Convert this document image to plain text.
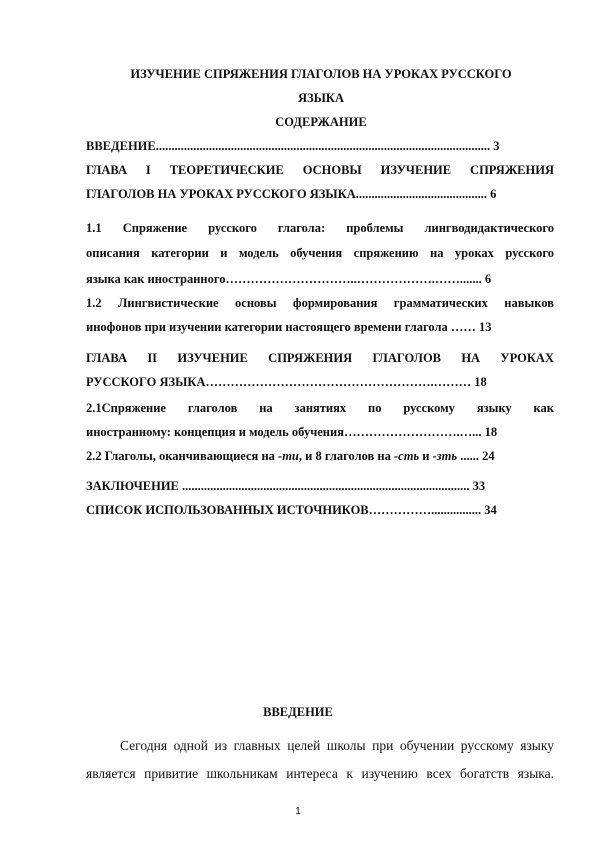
ИЗУЧЕНИЕ СПРЯЖЕНИЯ ГЛАГОЛОВ НА УРОКАХ РУССКОГО
ЯЗЫКА
СОДЕРЖАНИЕ
ВВЕДЕНИЕ........................................................................................................... 3
ГЛАВА I ТЕОРЕТИЧЕСКИЕ ОСНОВЫ ИЗУЧЕНИЕ СПРЯЖЕНИЯ
ГЛАГОЛОВ НА УРОКАХ РУССКОГО ЯЗЫКА.......................................... 6
1.1 Спряжение русского глагола: проблемы лингводидактического
описания категории и модель обучения спряжению на уроках русского
языка как иностранного…………………………..……………….……....... 6
1.2 Лингвистические основы формирования грамматических навыков
инофонов при изучении категории настоящего времени глагола …… 13
ГЛАВА II ИЗУЧЕНИЕ СПРЯЖЕНИЯ ГЛАГОЛОВ НА УРОКАХ
РУССКОГО ЯЗЫКА……………………………………………….……… 18
2.1Спряжение глаголов на занятиях по русскому языку как
иностранному: концепция и модель обучения……………………….…... 18
2.2 Глаголы, оканчивающиеся на -ти, и 8 глаголов на -сть и -зть ...... 24
ЗАКЛЮЧЕНИЕ ............................................................................................ 33
СПИСОК ИСПОЛЬЗОВАННЫХ ИСТОЧНИКОВ……………................ 34
ВВЕДЕНИЕ
Сегодня одной из главных целей школы при обучении русскому языку
является привитие школьникам интереса к изучению всех богатств языка.
1
